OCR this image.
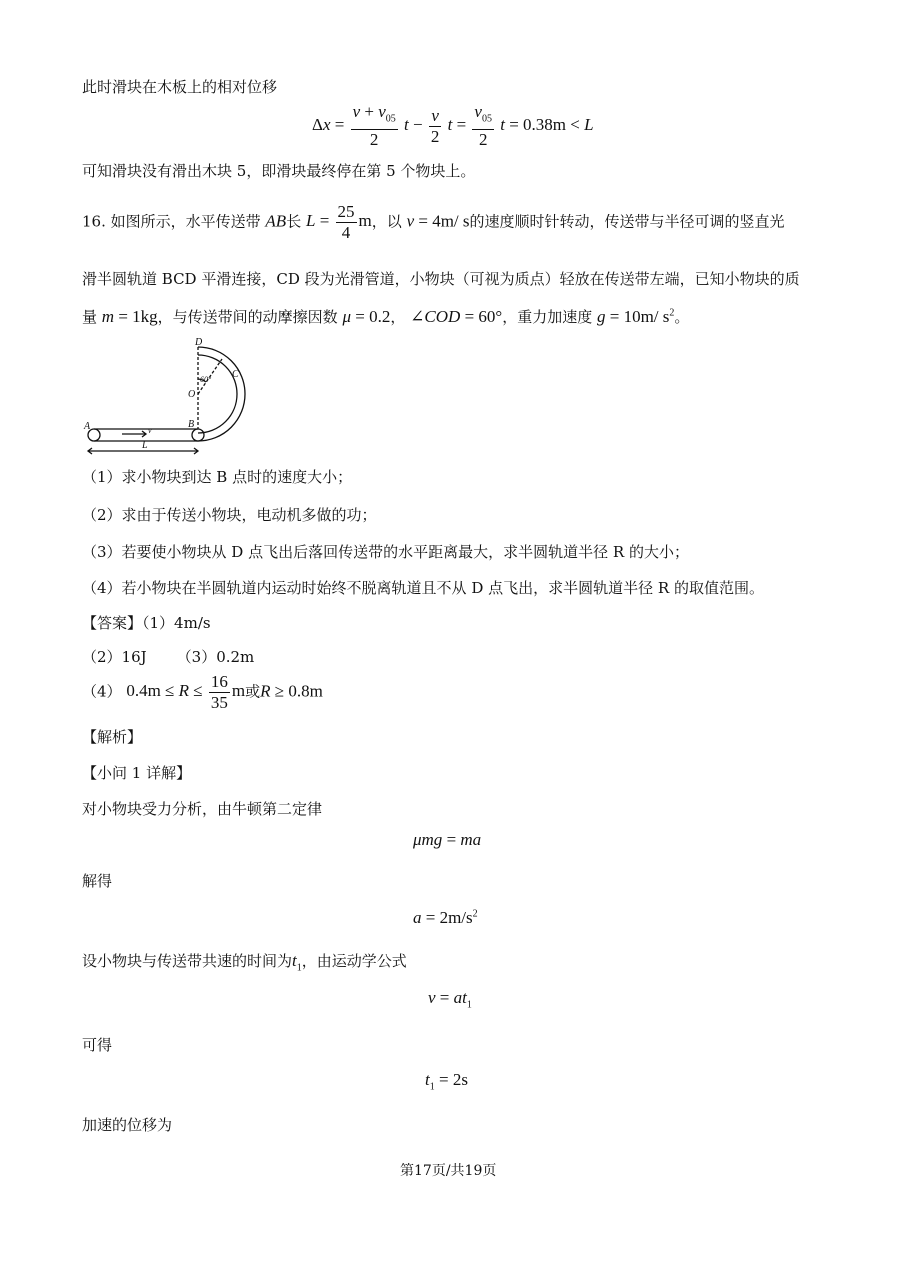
此时滑块在木板上的相对位移
$\Delta x = \frac{v + v_{05}}{2}$ $t - \frac{v}{2}$ $t = \frac{v_{05}}{2}$ t = 0.38m < L
可知滑块没有滑出木块 5，即滑块最终停在第 5 个物块上。
16. 如图所示，水平传送带 AB长 $L = \frac{25}{4}$ m，以 v = 4m/ s的速度顺时针转动，传送带与半径可调的竖直光
滑半圆轨道 BCD 平滑连接，CD 段为光滑管道，小物块（可视为质点）轻放在传送带左端，已知小物块的质
量 m = 1kg，与传送带间的动摩擦因数 μ = 0.2， ∠COD = 60°，重力加速度 g = 10m/ $s^2$。
A	B
C
D
O
60°
v
L
（1）求小物块到达 B 点时的速度大小；
（2）求由于传送小物块，电动机多做的功；
（3）若要使小物块从 D 点飞出后落回传送带的水平距离最大，求半圆轨道半径 R 的大小；
（4）若小物块在半圆轨道内运动时始终不脱离轨道且不从 D 点飞出，求半圆轨道半径 R 的取值范围。
【答案】（1）4m/s
（2）16J （3）0.2m
（4） $0.4m \le R \le \frac{16}{35}$ m或R ≥ 0.8m
【解析】
【小问 1 详解】
对小物块受力分析，由牛顿第二定律
μmg = ma
解得
$a = 2m/s^2$
设小物块与传送带共速的时间为$t_1$，由运动学公式
$v = at_1$
可得
$t_1 = 2s$
加速的位移为
第17页/共19页
